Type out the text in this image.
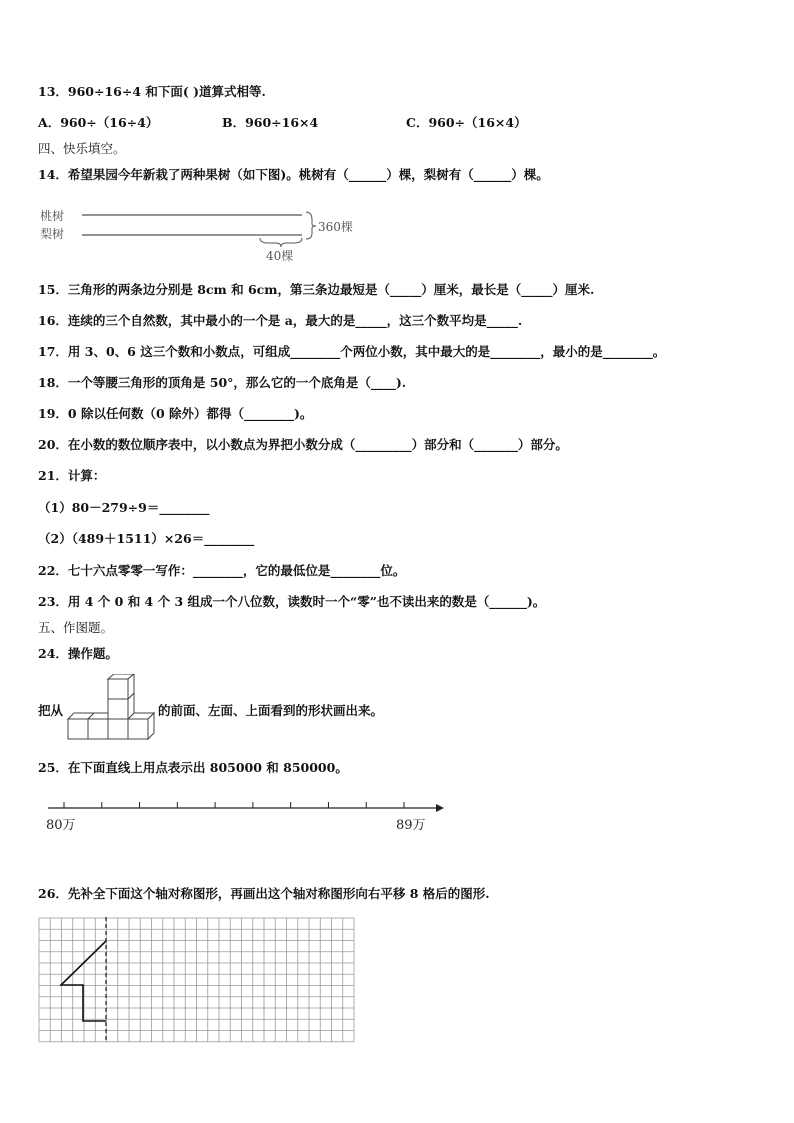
13．960÷16÷4 和下面( )道算式相等.
A．960÷（16÷4）	B．960÷16×4	C．960÷（16×4）
四、快乐填空。
14．希望果园今年新栽了两种果树（如下图)。桃树有（______）棵，梨树有（______）棵。
桃树
梨树	360棵
40棵
15．三角形的两条边分别是 8cm 和 6cm，第三条边最短是（_____）厘米，最长是（_____）厘米.
16．连续的三个自然数，其中最小的一个是 a，最大的是_____，这三个数平均是_____.
17．用 3、0、6 这三个数和小数点，可组成________个两位小数，其中最大的是________，最小的是________。
18．一个等腰三角形的顶角是 50°，那么它的一个底角是（____).
19．0 除以任何数（0 除外）都得（________)。
20．在小数的数位顺序表中，以小数点为界把小数分成（_________）部分和（_______）部分。
21．计算：
（1）80－279÷9＝________
（2）（489＋1511）×26＝________
22．七十六点零零一写作：________，它的最低位是________位。
23．用 4 个 0 和 4 个 3 组成一个八位数，读数时一个“零”也不读出来的数是（______)。
五、作图题。
24．操作题。
把从	的前面、左面、上面看到的形状画出来。
25．在下面直线上用点表示出 805000 和 850000。
80万	89万
26．先补全下面这个轴对称图形，再画出这个轴对称图形向右平移 8 格后的图形.
